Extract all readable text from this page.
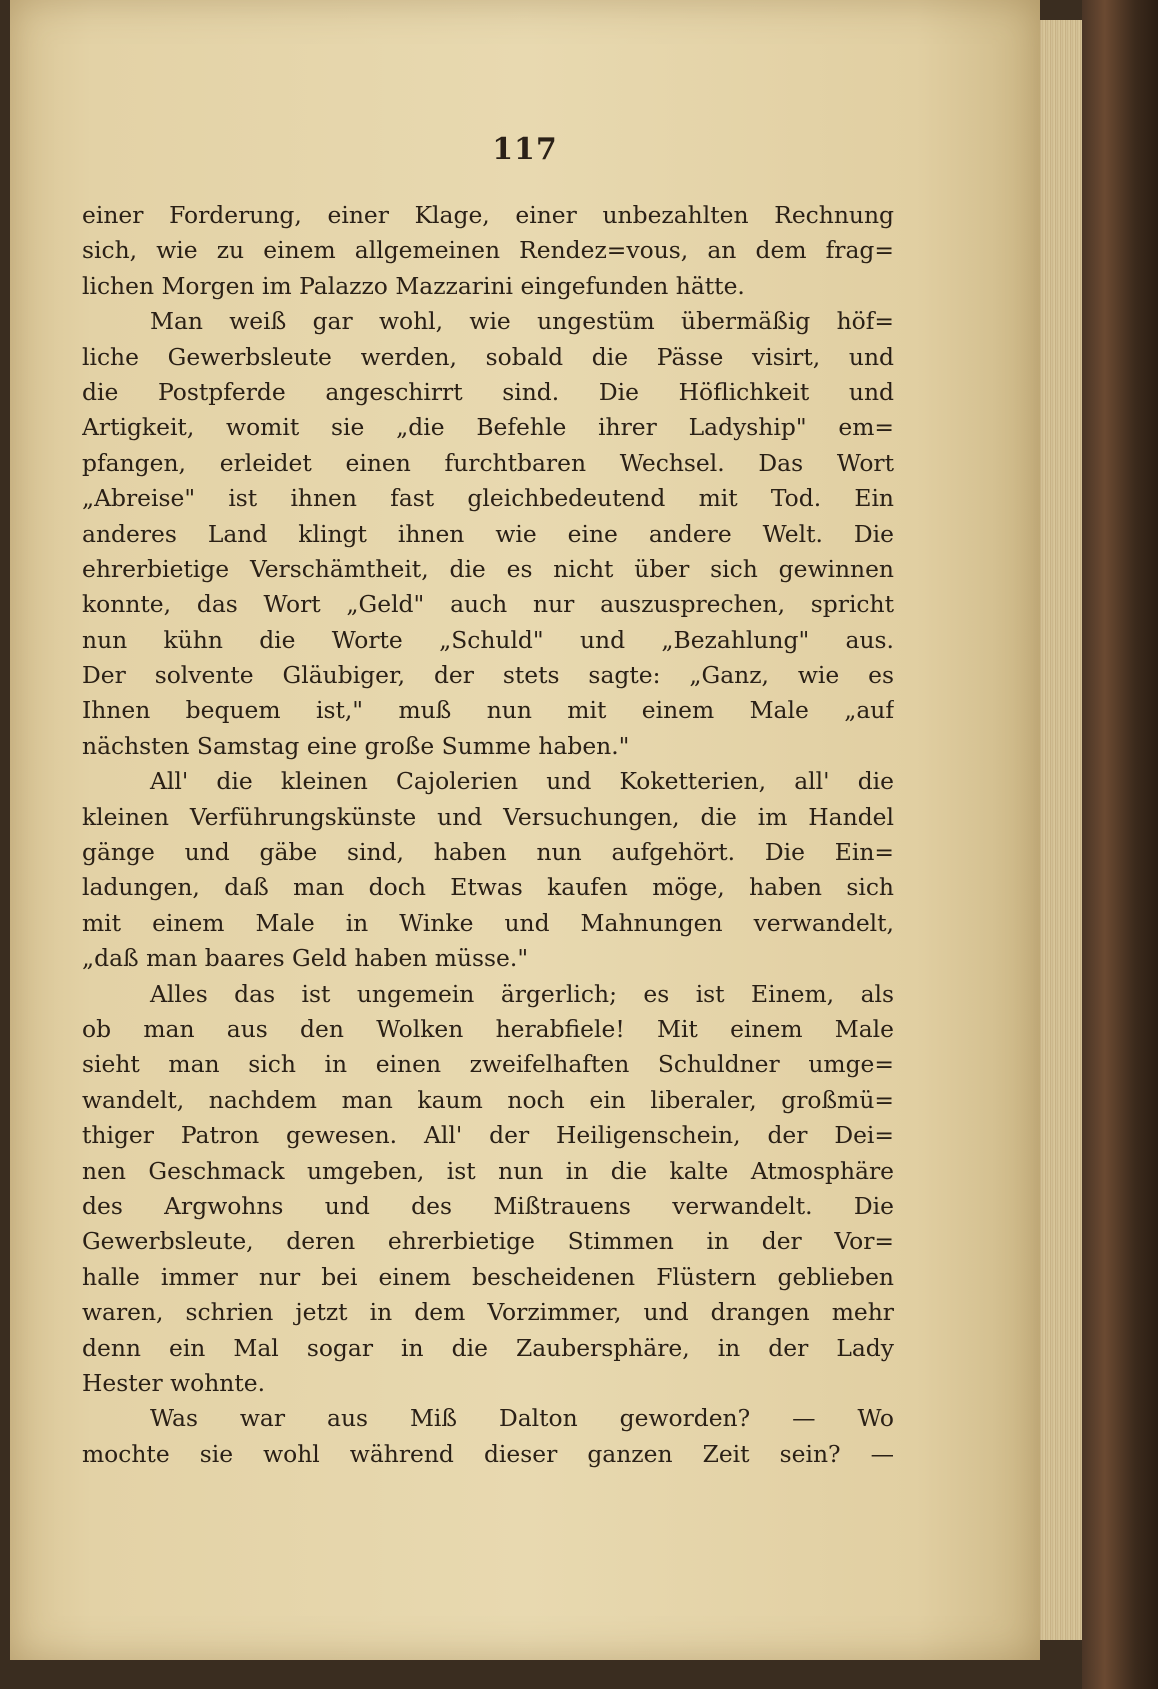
117
einer Forderung, einer Klage, einer unbezahlten Rechnung
sich, wie zu einem allgemeinen Rendez=vous, an dem frag=
lichen Morgen im Palazzo Mazzarini eingefunden hätte.
Man weiß gar wohl, wie ungestüm übermäßig höf=
liche Gewerbsleute werden, sobald die Pässe visirt, und
die Postpferde angeschirrt sind. Die Höflichkeit und
Artigkeit, womit sie „die Befehle ihrer Ladyship" em=
pfangen, erleidet einen furchtbaren Wechsel. Das Wort
„Abreise" ist ihnen fast gleichbedeutend mit Tod. Ein
anderes Land klingt ihnen wie eine andere Welt. Die
ehrerbietige Verschämtheit, die es nicht über sich gewinnen
konnte, das Wort „Geld" auch nur auszusprechen, spricht
nun kühn die Worte „Schuld" und „Bezahlung" aus.
Der solvente Gläubiger, der stets sagte: „Ganz, wie es
Ihnen bequem ist," muß nun mit einem Male „auf
nächsten Samstag eine große Summe haben."
All' die kleinen Cajolerien und Koketterien, all' die
kleinen Verführungskünste und Versuchungen, die im Handel
gänge und gäbe sind, haben nun aufgehört. Die Ein=
ladungen, daß man doch Etwas kaufen möge, haben sich
mit einem Male in Winke und Mahnungen verwandelt,
„daß man baares Geld haben müsse."
Alles das ist ungemein ärgerlich; es ist Einem, als
ob man aus den Wolken herabfiele! Mit einem Male
sieht man sich in einen zweifelhaften Schuldner umge=
wandelt, nachdem man kaum noch ein liberaler, großmü=
thiger Patron gewesen. All' der Heiligenschein, der Dei=
nen Geschmack umgeben, ist nun in die kalte Atmosphäre
des Argwohns und des Mißtrauens verwandelt. Die
Gewerbsleute, deren ehrerbietige Stimmen in der Vor=
halle immer nur bei einem bescheidenen Flüstern geblieben
waren, schrien jetzt in dem Vorzimmer, und drangen mehr
denn ein Mal sogar in die Zaubersphäre, in der Lady
Hester wohnte.
Was war aus Miß Dalton geworden? — Wo
mochte sie wohl während dieser ganzen Zeit sein? —
